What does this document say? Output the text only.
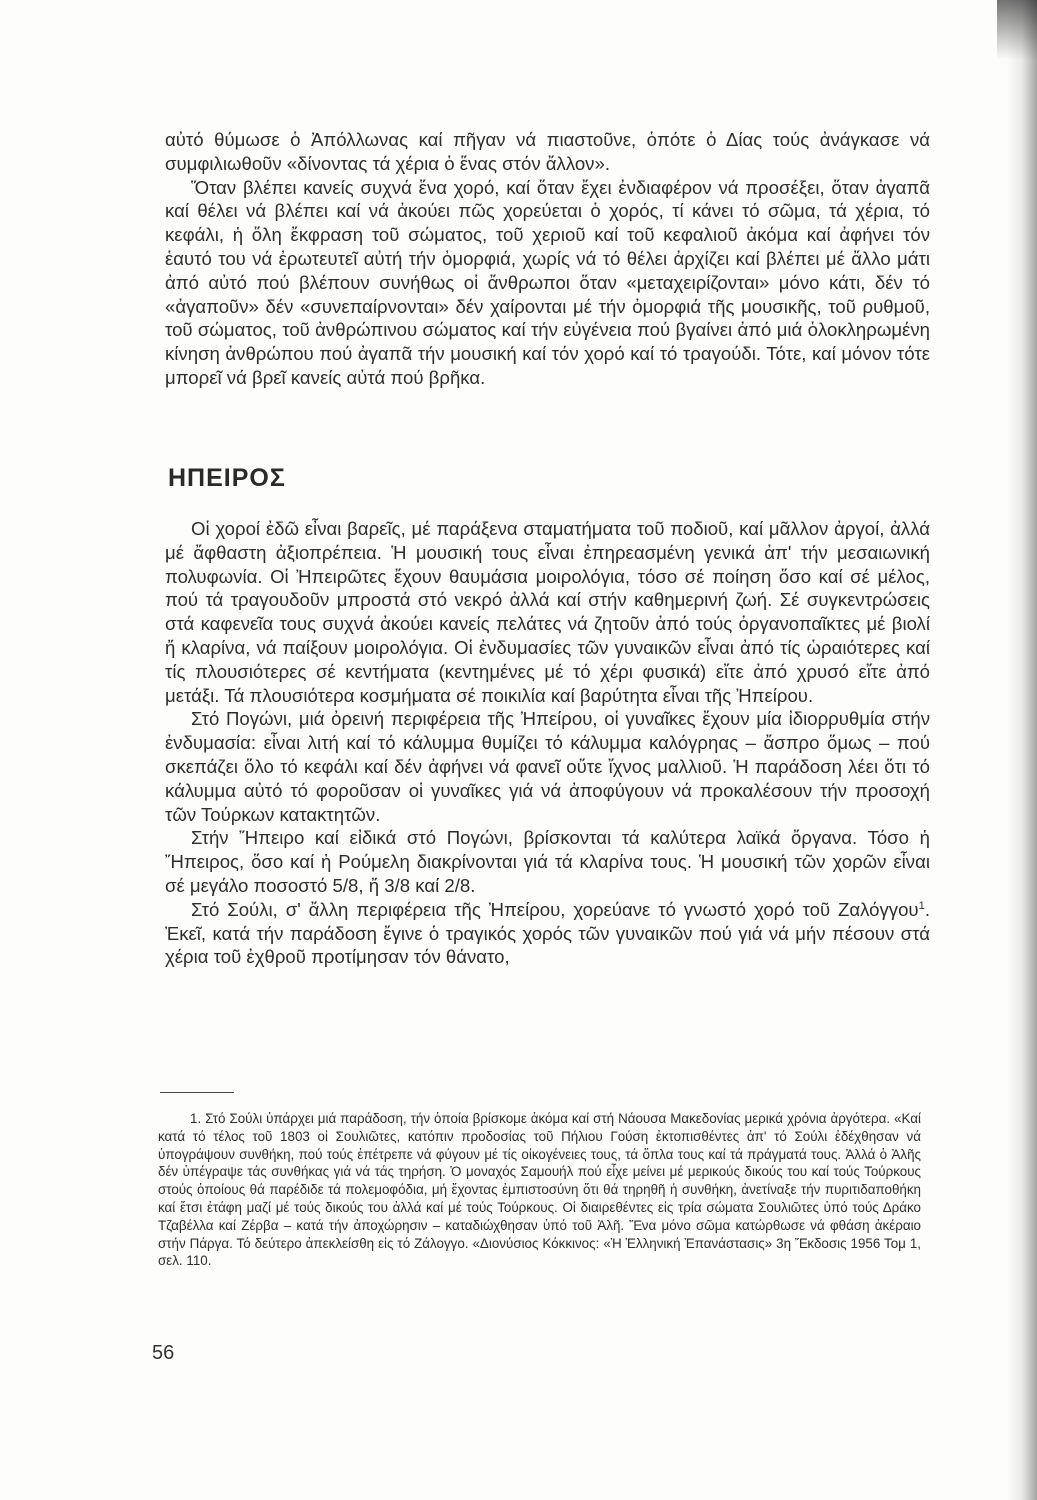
αὐτό θύμωσε ὁ Ἀπόλλωνας καί πῆγαν νά πιαστοῦνε, ὁπότε ὁ Δίας τούς ἀνάγκασε νά συμφιλιωθοῦν «δίνοντας τά χέρια ὁ ἕνας στόν ἄλλον».

Ὅταν βλέπει κανείς συχνά ἕνα χορό, καί ὅταν ἔχει ἐνδιαφέρον νά προσέξει, ὅταν ἀγαπᾶ καί θέλει νά βλέπει καί νά ἀκούει πῶς χορεύεται ὁ χορός, τί κάνει τό σῶμα, τά χέρια, τό κεφάλι, ἡ ὅλη ἔκφραση τοῦ σώματος, τοῦ χεριοῦ καί τοῦ κεφαλιοῦ ἀκόμα καί ἀφήνει τόν ἑαυτό του νά ἐρωτευτεῖ αὐτή τήν ὀμορφιά, χωρίς νά τό θέλει ἀρχίζει καί βλέπει μέ ἄλλο μάτι ἀπό αὐτό πού βλέπουν συνήθως οἱ ἄνθρωποι ὅταν «μεταχειρίζονται» μόνο κάτι, δέν τό «ἀγαποῦν» δέν «συνεπαίρνονται» δέν χαίρονται μέ τήν ὀμορφιά τῆς μουσικῆς, τοῦ ρυθμοῦ, τοῦ σώματος, τοῦ ἀνθρώπινου σώματος καί τήν εὐγένεια πού βγαίνει ἀπό μιά ὁλοκληρωμένη κίνηση ἀνθρώπου πού ἀγαπᾶ τήν μουσική καί τόν χορό καί τό τραγούδι. Τότε, καί μόνον τότε μπορεῖ νά βρεῖ κανείς αὐτά πού βρῆκα.

ΗΠΕΙΡΟΣ

Οἱ χοροί ἐδῶ εἶναι βαρεῖς, μέ παράξενα σταματήματα τοῦ ποδιοῦ, καί μᾶλλον ἀργοί, ἀλλά μέ ἄφθαστη ἀξιοπρέπεια. Ἡ μουσική τους εἶναι ἐπηρεασμένη γενικά ἀπ' τήν μεσαιωνική πολυφωνία. Οἱ Ἠπειρῶτες ἔχουν θαυμάσια μοιρολόγια, τόσο σέ ποίηση ὅσο καί σέ μέλος, πού τά τραγουδοῦν μπροστά στό νεκρό ἀλλά καί στήν καθημερινή ζωή. Σέ συγκεντρώσεις στά καφενεῖα τους συχνά ἀκούει κανείς πελάτες νά ζητοῦν ἀπό τούς ὀργανοπαῖκτες μέ βιολί ἤ κλαρίνα, νά παίξουν μοιρολόγια. Οἱ ἐνδυμασίες τῶν γυναικῶν εἶναι ἀπό τίς ὡραιότερες καί τίς πλουσιότερες σέ κεντήματα (κεντημένες μέ τό χέρι φυσικά) εἴτε ἀπό χρυσό εἴτε ἀπό μετάξι. Τά πλουσιότερα κοσμήματα σέ ποικιλία καί βαρύτητα εἶναι τῆς Ἠπείρου.

Στό Πογώνι, μιά ὀρεινή περιφέρεια τῆς Ἠπείρου, οἱ γυναῖκες ἔχουν μία ἰδιορρυθμία στήν ἐνδυμασία: εἶναι λιτή καί τό κάλυμμα θυμίζει τό κάλυμμα καλόγρηας – ἄσπρο ὅμως – πού σκεπάζει ὅλο τό κεφάλι καί δέν ἀφήνει νά φανεῖ οὔτε ἴχνος μαλλιοῦ. Ἡ παράδοση λέει ὅτι τό κάλυμμα αὐτό τό φοροῦσαν οἱ γυναῖκες γιά νά ἀποφύγουν νά προκαλέσουν τήν προσοχή τῶν Τούρκων κατακτητῶν.

Στήν Ἤπειρο καί εἰδικά στό Πογώνι, βρίσκονται τά καλύτερα λαϊκά ὄργανα. Τόσο ἡ Ἤπειρος, ὅσο καί ἡ Ρούμελη διακρίνονται γιά τά κλαρίνα τους. Ἡ μουσική τῶν χορῶν εἶναι σέ μεγάλο ποσοστό 5/8, ἤ 3/8 καί 2/8.

Στό Σούλι, σ' ἄλλη περιφέρεια τῆς Ἠπείρου, χορεύανε τό γνωστό χορό τοῦ Ζαλόγγου$^1$. Ἐκεῖ, κατά τήν παράδοση ἔγινε ὁ τραγικός χορός τῶν γυναικῶν πού γιά νά μήν πέσουν στά χέρια τοῦ ἐχθροῦ προτίμησαν τόν θάνατο,

1. Στό Σούλι ὑπάρχει μιά παράδοση, τήν ὁποία βρίσκομε ἀκόμα καί στή Νάουσα Μακεδονίας μερικά χρόνια ἀργότερα. «Καί κατά τό τέλος τοῦ 1803 οἱ Σουλιῶτες, κατόπιν προδοσίας τοῦ Πήλιου Γούση ἐκτοπισθέντες ἀπ' τό Σούλι ἐδέχθησαν νά ὑπογράψουν συνθήκη, πού τούς ἐπέτρεπε νά φύγουν μέ τίς οἰκογένειες τους, τά ὅπλα τους καί τά πράγματά τους. Ἀλλά ὁ Ἀλῆς δέν ὑπέγραψε τάς συνθήκας γιά νά τάς τηρήση. Ὁ μοναχός Σαμουήλ πού εἶχε μείνει μέ μερικούς δικούς του καί τούς Τούρκους στούς ὁποίους θά παρέδιδε τά πολεμοφόδια, μή ἔχοντας ἐμπιστοσύνη ὅτι θά τηρηθῆ ἡ συνθήκη, ἀνετίναξε τήν πυριτιδαποθήκη καί ἔτσι ἐτάφη μαζί μέ τούς δικούς του ἀλλά καί μέ τούς Τούρκους. Οἱ διαιρεθέντες εἰς τρία σώματα Σουλιῶτες ὑπό τούς Δράκο Τζαβέλλα καί Ζέρβα – κατά τήν ἀποχώρησιν – καταδιώχθησαν ὑπό τοῦ Ἀλῆ. Ἕνα μόνο σῶμα κατώρθωσε νά φθάση ἀκέραιο στήν Πάργα. Τό δεύτερο ἀπεκλείσθη εἰς τό Ζάλογγο. «Διονύσιος Κόκκινος: «Ἡ Ἑλληνική Ἐπανάστασις» 3η Ἔκδοσις 1956 Τομ 1, σελ. 110.

56
